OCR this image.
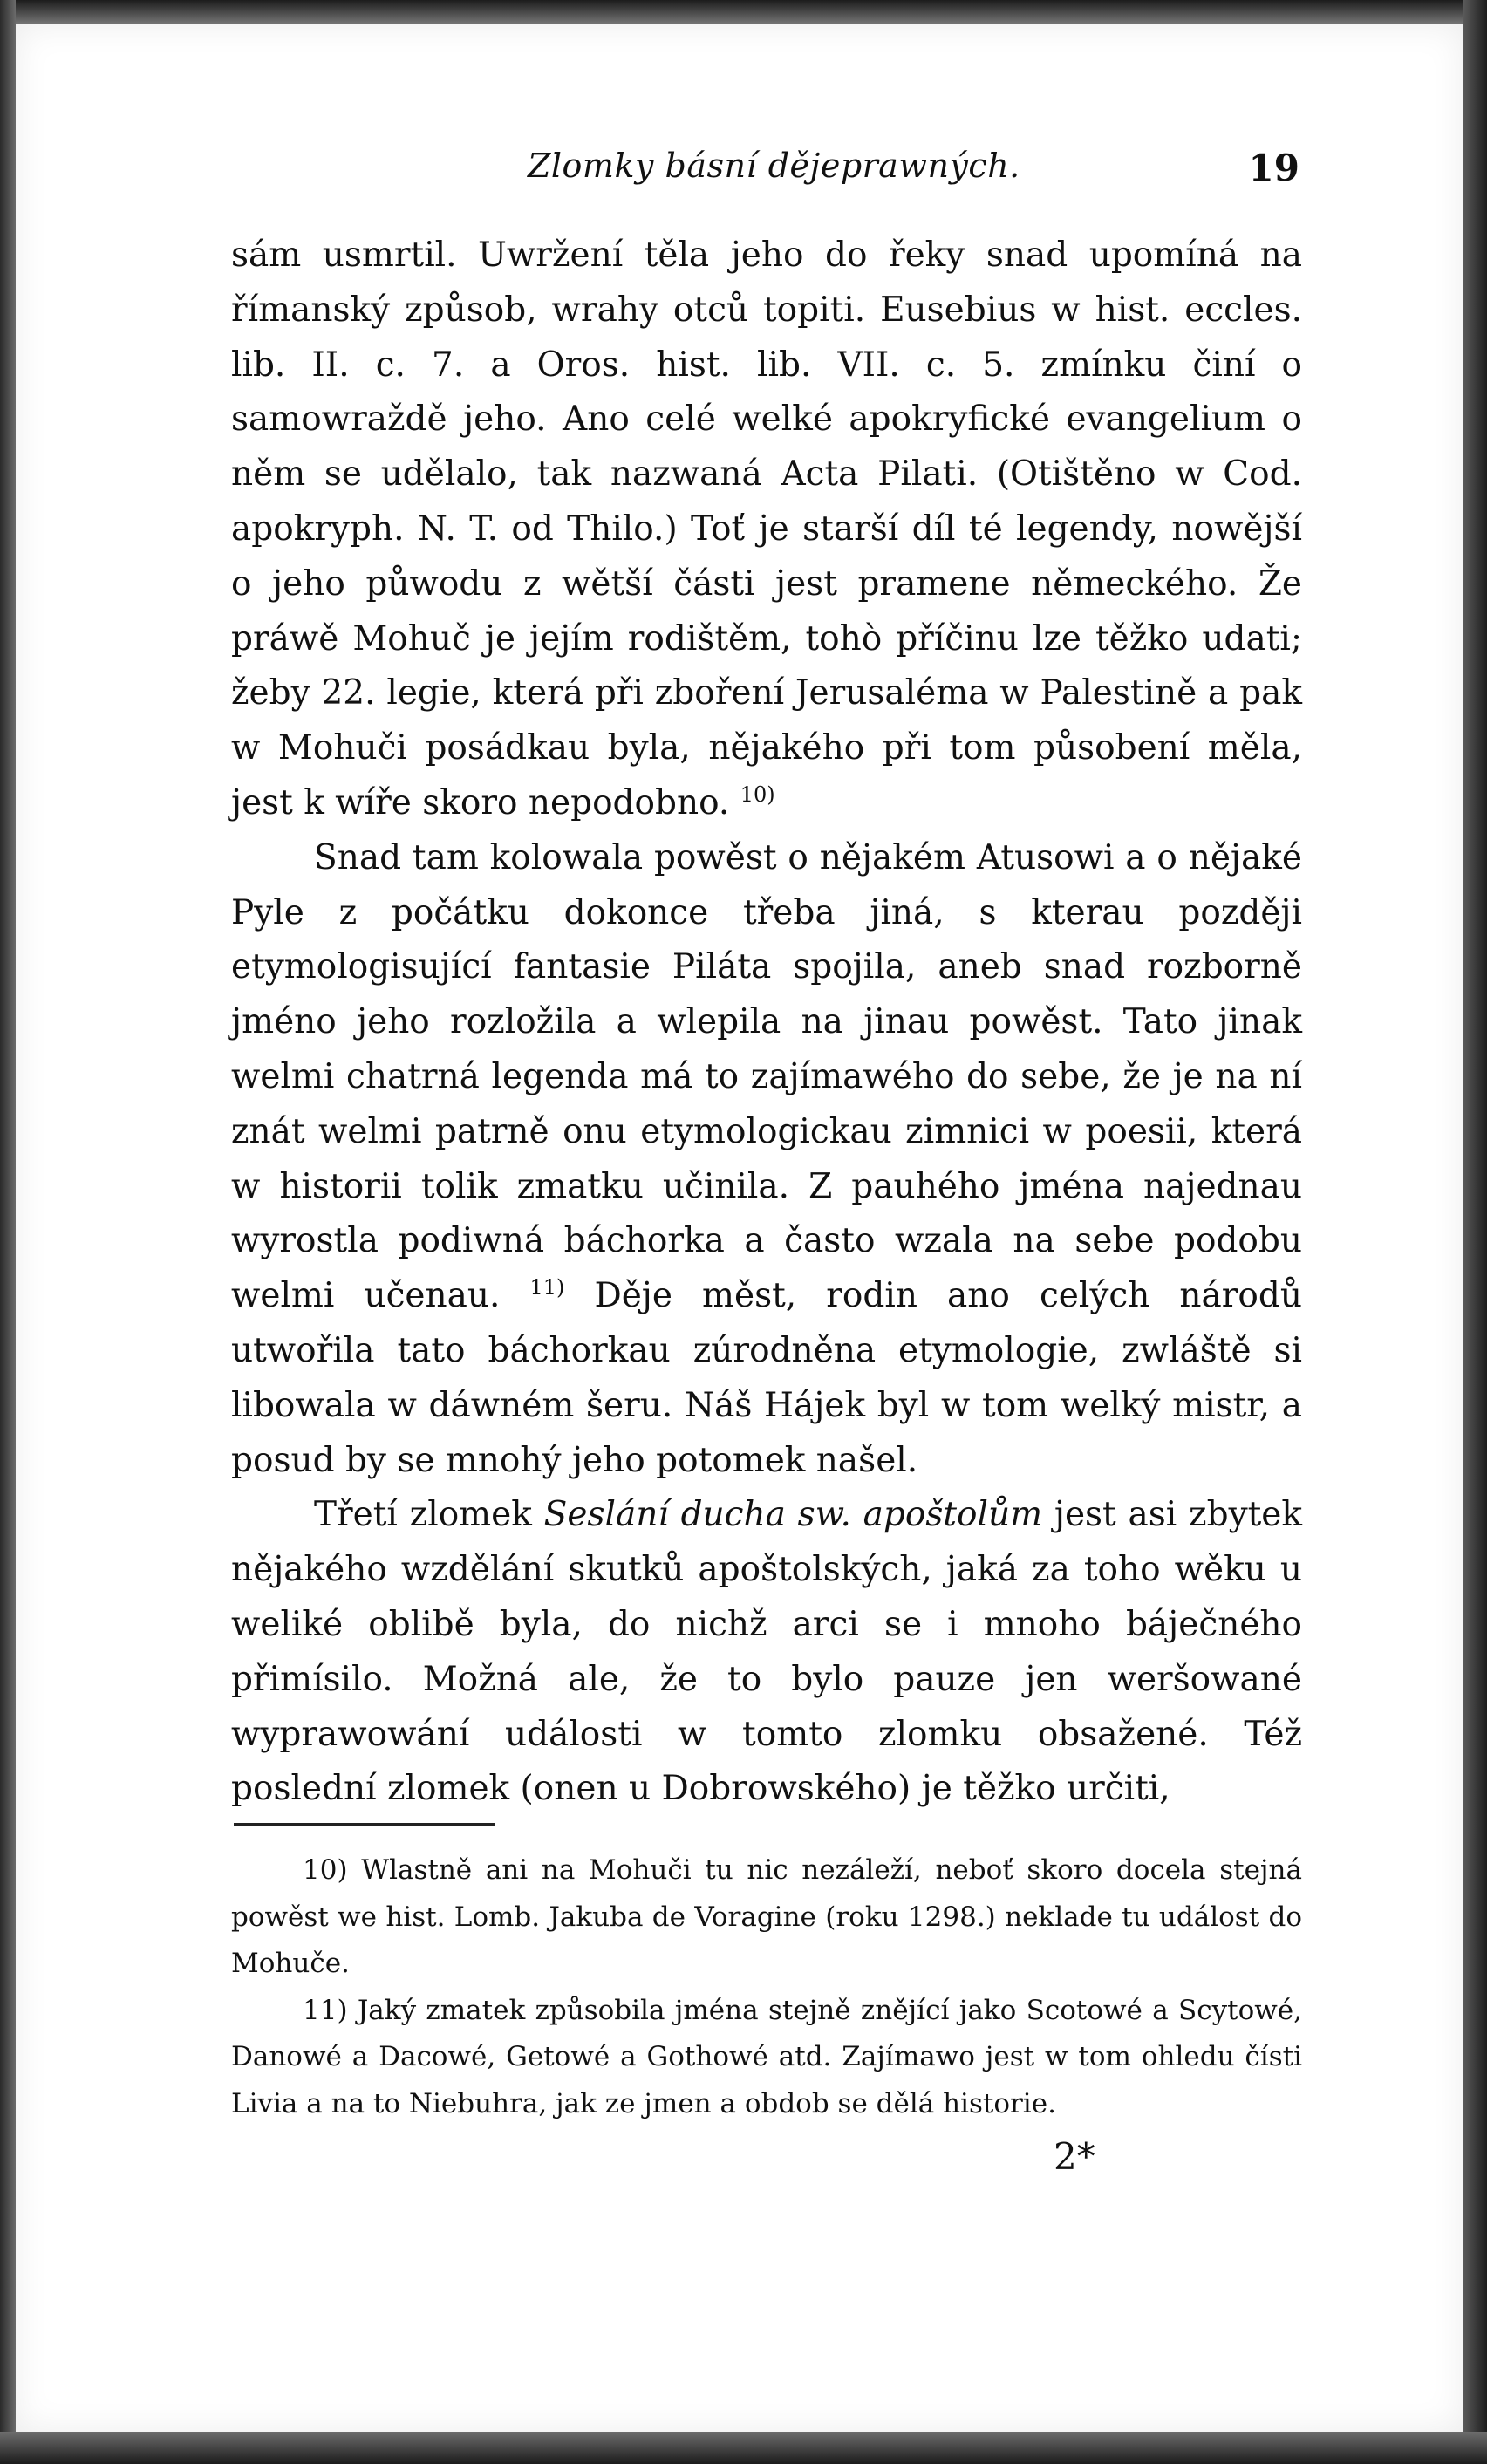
Zlomky básní dějeprawných.	19

sám usmrtil. Uwržení těla jeho do řeky snad upomíná na římanský způsob, wrahy otců topiti. Eusebius w hist. eccles. lib. II. c. 7. a Oros. hist. lib. VII. c. 5. zmínku činí o samowraždě jeho. Ano celé welké apokryfické evangelium o něm se udělalo, tak nazwaná Acta Pilati. (Otištěno w Cod. apokryph. N. T. od Thilo.) Toť je starší díl té legendy, nowější o jeho půwodu z wětší části jest pramene německého. Že práwě Mohuč je jejím rodištěm, tohò příčinu lze těžko udati; žeby 22. legie, která při zboření Jerusaléma w Palestině a pak w Mohuči posádkau byla, nějakého při tom působení měla, jest k wíře skoro nepodobno. $^{10)}$

Snad tam kolowala powěst o nějakém Atusowi a o nějaké Pyle z počátku dokonce třeba jiná, s kterau později etymologisující fantasie Piláta spojila, aneb snad rozborně jméno jeho rozložila a wlepila na jinau powěst. Tato jinak welmi chatrná legenda má to zajímawého do sebe, že je na ní znát welmi patrně onu etymologickau zimnici w poesii, která w historii tolik zmatku učinila. Z pauhého jména najednau wyrostla podiwná báchorka a často wzala na sebe podobu welmi učenau. $^{11)}$ Děje měst, rodin ano celých národů utwořila tato báchorkau zúrodněna etymologie, zwláště si libowala w dáwném šeru. Náš Hájek byl w tom welký mistr, a posud by se mnohý jeho potomek našel.

Třetí zlomek Seslání ducha sw. apoštolům jest asi zbytek nějakého wzdělání skutků apoštolských, jaká za toho wěku u weliké oblibě byla, do nichž arci se i mnoho báječného přimísilo. Možná ale, že to bylo pauze jen weršowané wyprawowání události w tomto zlomku obsažené. Též poslední zlomek (onen u Dobrowského) je těžko určiti,

10) Wlastně ani na Mohuči tu nic nezáleží, neboť skoro docela stejná powěst we hist. Lomb. Jakuba de Voragine (roku 1298.) neklade tu událost do Mohuče.

11) Jaký zmatek způsobila jména stejně znějící jako Scotowé a Scytowé, Danowé a Dacowé, Getowé a Gothowé atd. Zajímawo jest w tom ohledu čísti Livia a na to Niebuhra, jak ze jmen a obdob se dělá historie.

2*
